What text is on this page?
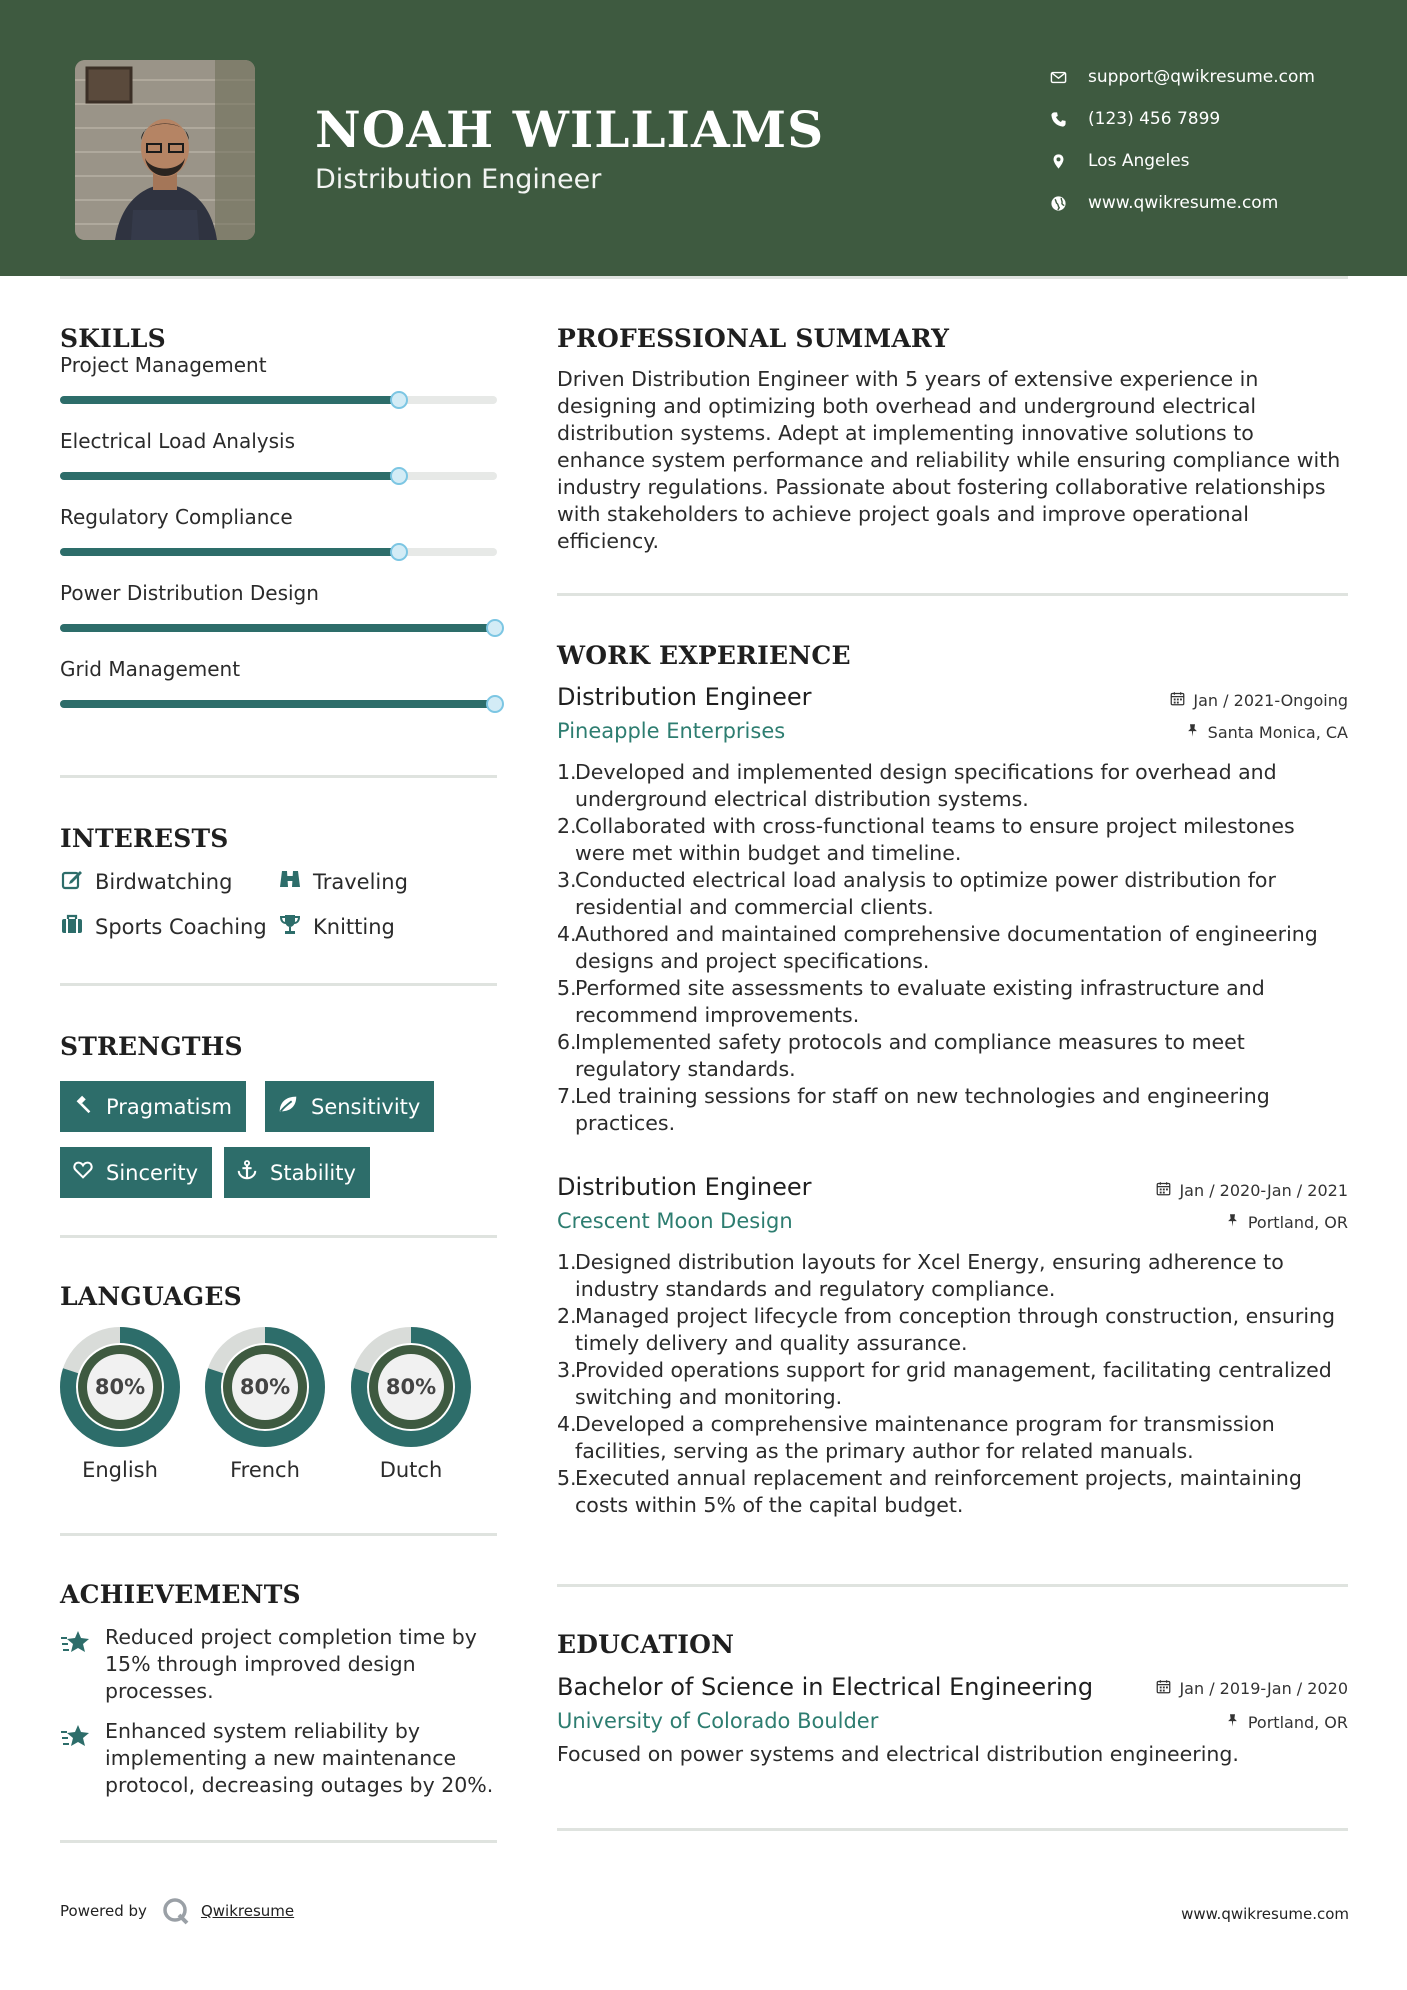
NOAH WILLIAMS
Distribution Engineer
support@qwikresume.com
(123) 456 7899
Los Angeles
www.qwikresume.com
SKILLS
Project Management
Electrical Load Analysis
Regulatory Compliance
Power Distribution Design
Grid Management
INTERESTS
Birdwatching	Traveling
Sports Coaching Knitting
STRENGTHS
Pragmatism	Sensitivity
Sincerity	Stability
LANGUAGES
80%
English
80%
French
80%
Dutch
ACHIEVEMENTS
Reduced project completion time by 15% through improved design processes.
Enhanced system reliability by implementing a new maintenance protocol, decreasing outages by 20%.
PROFESSIONAL SUMMARY
Driven Distribution Engineer with 5 years of extensive experience in designing and optimizing both overhead and underground electrical distribution systems. Adept at implementing innovative solutions to enhance system performance and reliability while ensuring compliance with industry regulations. Passionate about fostering collaborative relationships with stakeholders to achieve project goals and improve operational efficiency.
WORK EXPERIENCE
Distribution Engineer	Jan / 2021-Ongoing
Pineapple Enterprises	Santa Monica, CA
1.
Developed and implemented design specifications for overhead and underground electrical distribution systems.
2.
Collaborated with cross-functional teams to ensure project milestones were met within budget and timeline.
3.
Conducted electrical load analysis to optimize power distribution for residential and commercial clients.
4.
Authored and maintained comprehensive documentation of engineering designs and project specifications.
5.
Performed site assessments to evaluate existing infrastructure and recommend improvements.
6.
Implemented safety protocols and compliance measures to meet regulatory standards.
7.
Led training sessions for staff on new technologies and engineering practices.
Distribution Engineer	Jan / 2020-Jan / 2021
Crescent Moon Design	Portland, OR
1.
Designed distribution layouts for Xcel Energy, ensuring adherence to industry standards and regulatory compliance.
2.
Managed project lifecycle from conception through construction, ensuring timely delivery and quality assurance.
3.
Provided operations support for grid management, facilitating centralized switching and monitoring.
4.
Developed a comprehensive maintenance program for transmission facilities, serving as the primary author for related manuals.
5.
Executed annual replacement and reinforcement projects, maintaining costs within 5% of the capital budget.
EDUCATION
Bachelor of Science in Electrical Engineering	Jan / 2019-Jan / 2020
University of Colorado Boulder	Portland, OR
Focused on power systems and electrical distribution engineering.
Powered by	Qwikresume	www.qwikresume.com
